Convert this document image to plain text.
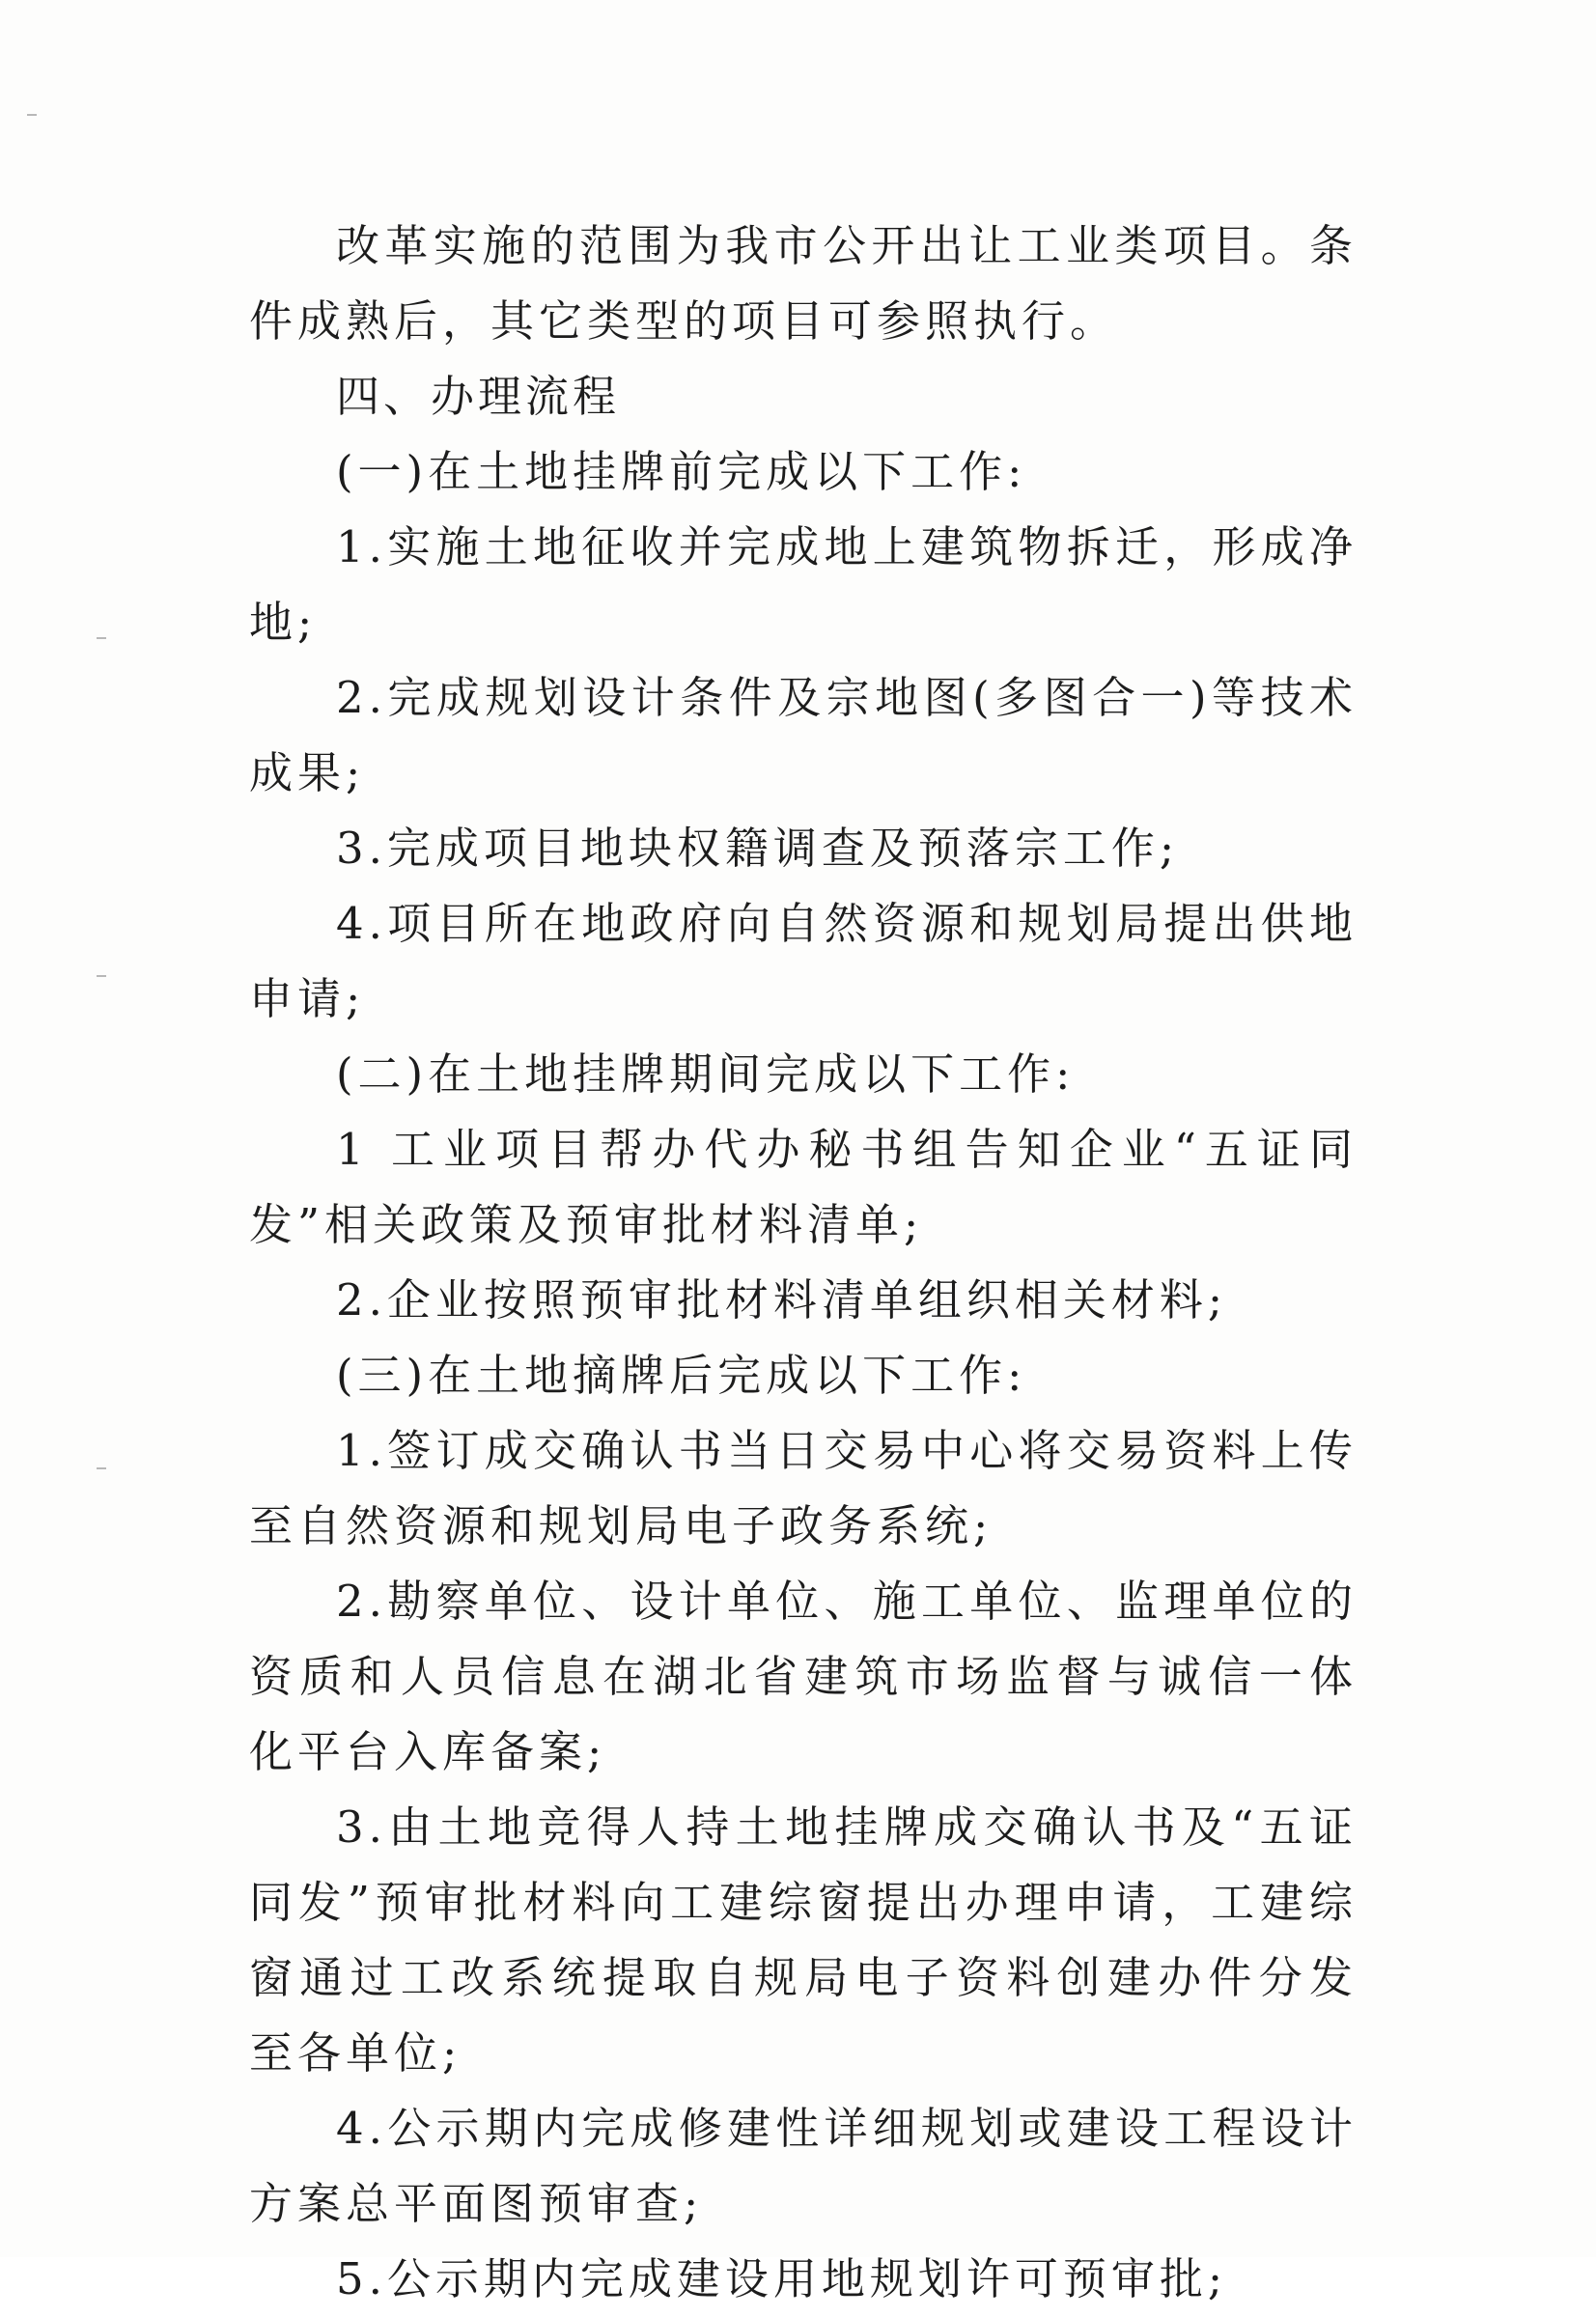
改革实施的范围为我市公开出让工业类项目。条件成熟后，其它类型的项目可参照执行。

四、办理流程

(一)在土地挂牌前完成以下工作:

1.实施土地征收并完成地上建筑物拆迁，形成净地;

2.完成规划设计条件及宗地图(多图合一)等技术成果;

3.完成项目地块权籍调查及预落宗工作;

4.项目所在地政府向自然资源和规划局提出供地申请;

(二)在土地挂牌期间完成以下工作:

1 工业项目帮办代办秘书组告知企业“五证同发”相关政策及预审批材料清单;

2.企业按照预审批材料清单组织相关材料;

(三)在土地摘牌后完成以下工作:

1.签订成交确认书当日交易中心将交易资料上传至自然资源和规划局电子政务系统;

2.勘察单位、设计单位、施工单位、监理单位的资质和人员信息在湖北省建筑市场监督与诚信一体化平台入库备案;

3.由土地竞得人持土地挂牌成交确认书及“五证同发”预审批材料向工建综窗提出办理申请，工建综窗通过工改系统提取自规局电子资料创建办件分发至各单位;

4.公示期内完成修建性详细规划或建设工程设计方案总平面图预审查;

5.公示期内完成建设用地规划许可预审批;
